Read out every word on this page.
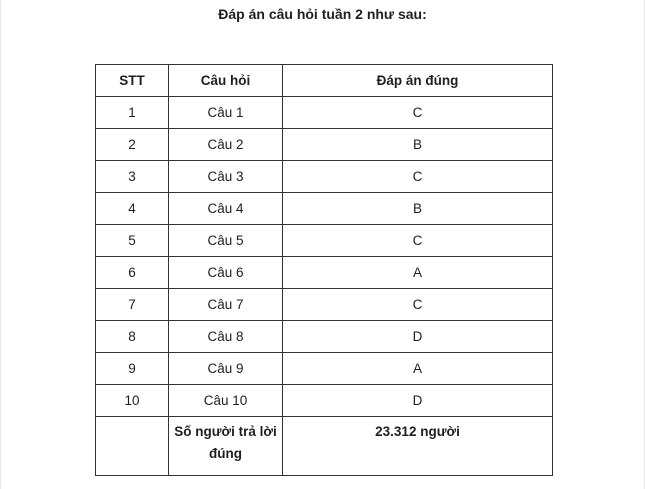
Đáp án câu hỏi tuần 2 như sau:
STT	Câu hỏi	Đáp án đúng
1	Câu 1	C
2	Câu 2	B
3	Câu 3	C
4	Câu 4	B
5	Câu 5	C
6	Câu 6	A
7	Câu 7	C
8	Câu 8	D
9	Câu 9	A
10	Câu 10	D
	Số người trả lời đúng	23.312 người
